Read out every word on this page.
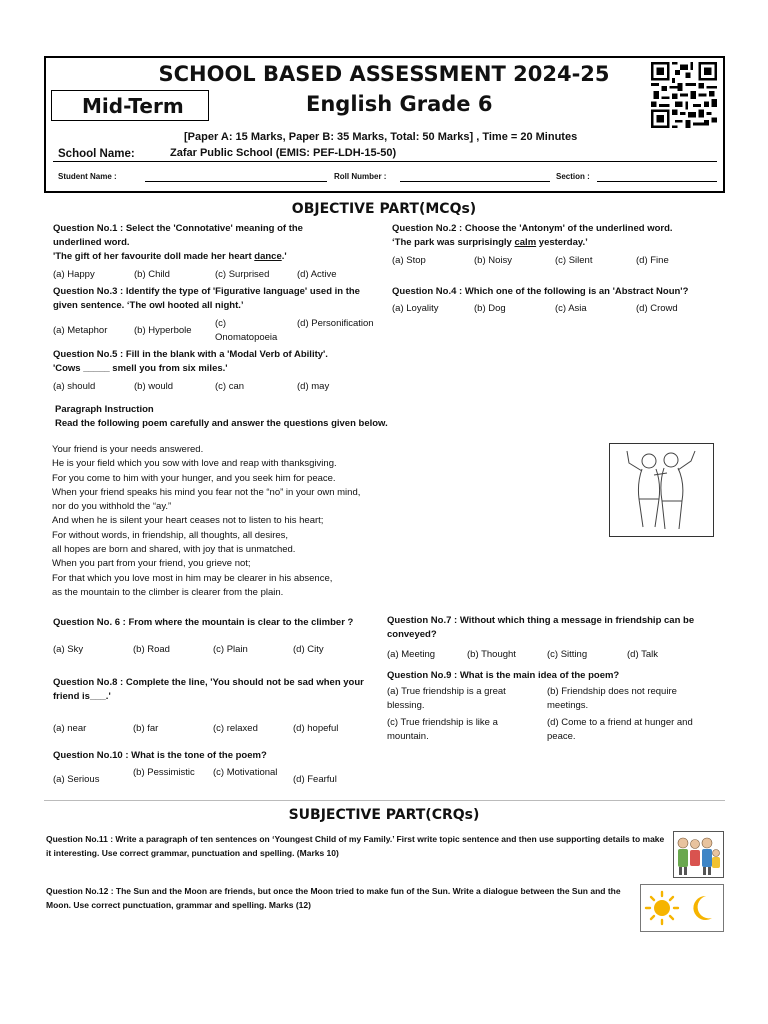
SCHOOL BASED ASSESSMENT 2024-25
Mid-Term	English Grade 6
[Paper A: 15 Marks, Paper B: 35 Marks, Total: 50 Marks] , Time = 20 Minutes
School Name:	Zafar Public School (EMIS: PEF-LDH-15-50)
Student Name :	Roll Number :	Section :
OBJECTIVE PART(MCQs)
Question No.1 : Select the 'Connotative' meaning of the underlined word.
'The gift of her favourite doll made her heart dance.'
(a) Happy	(b) Child	(c) Surprised	(d) Active
Question No.2 : Choose the 'Antonym' of the underlined word.
‘The park was surprisingly calm yesterday.’
(a) Stop	(b) Noisy	(c) Silent	(d) Fine
Question No.3 : Identify the type of 'Figurative language' used in the given sentence. ‘The owl hooted all night.’
(a) Metaphor	(b) Hyperbole
(c) Onomatopoeia
(d) Personification
Question No.4 : Which one of the following is an 'Abstract Noun'?
(a) Loyality	(b) Dog	(c) Asia	(d) Crowd
Question No.5 : Fill in the blank with a 'Modal Verb of Ability'.
'Cows _____ smell you from six miles.'
(a) should	(b) would	(c) can	(d) may
Paragraph Instruction
Read the following poem carefully and answer the questions given below.
Your friend is your needs answered.
He is your field which you sow with love and reap with thanksgiving.
For you come to him with your hunger, and you seek him for peace.
When your friend speaks his mind you fear not the “no” in your own mind,
nor do you withhold the “ay.”
And when he is silent your heart ceases not to listen to his heart;
For without words, in friendship, all thoughts, all desires,
all hopes are born and shared, with joy that is unmatched.
When you part from your friend, you grieve not;
For that which you love most in him may be clearer in his absence,
as the mountain to the climber is clearer from the plain.
Question No. 6 : From where the mountain is clear to the climber ?
(a) Sky	(b) Road	(c) Plain	(d) City
Question No.7 : Without which thing a message in friendship can be conveyed?
(a) Meeting	(b) Thought	(c) Sitting	(d) Talk
Question No.8 : Complete the line, 'You should not be sad when your friend is___.'
(a) near	(b) far	(c) relaxed	(d) hopeful
Question No.9 : What is the main idea of the poem?
(a) True friendship is a great blessing.
(b) Friendship does not require meetings.
(c) True friendship is like a mountain.
(d) Come to a friend at hunger and peace.
Question No.10 : What is the tone of the poem?
(a) Serious
(b) Pessimistic	(c) Motivational
(d) Fearful
SUBJECTIVE PART(CRQs)
Question No.11 : Write a paragraph of ten sentences on ‘Youngest Child of my Family.’ First write topic sentence and then use supporting details to make it interesting. Use correct grammar, punctuation and spelling. (Marks 10)
Question No.12 : The Sun and the Moon are friends, but once the Moon tried to make fun of the Sun. Write a dialogue between the Sun and the Moon. Use correct punctuation, grammar and spelling. Marks (12)
